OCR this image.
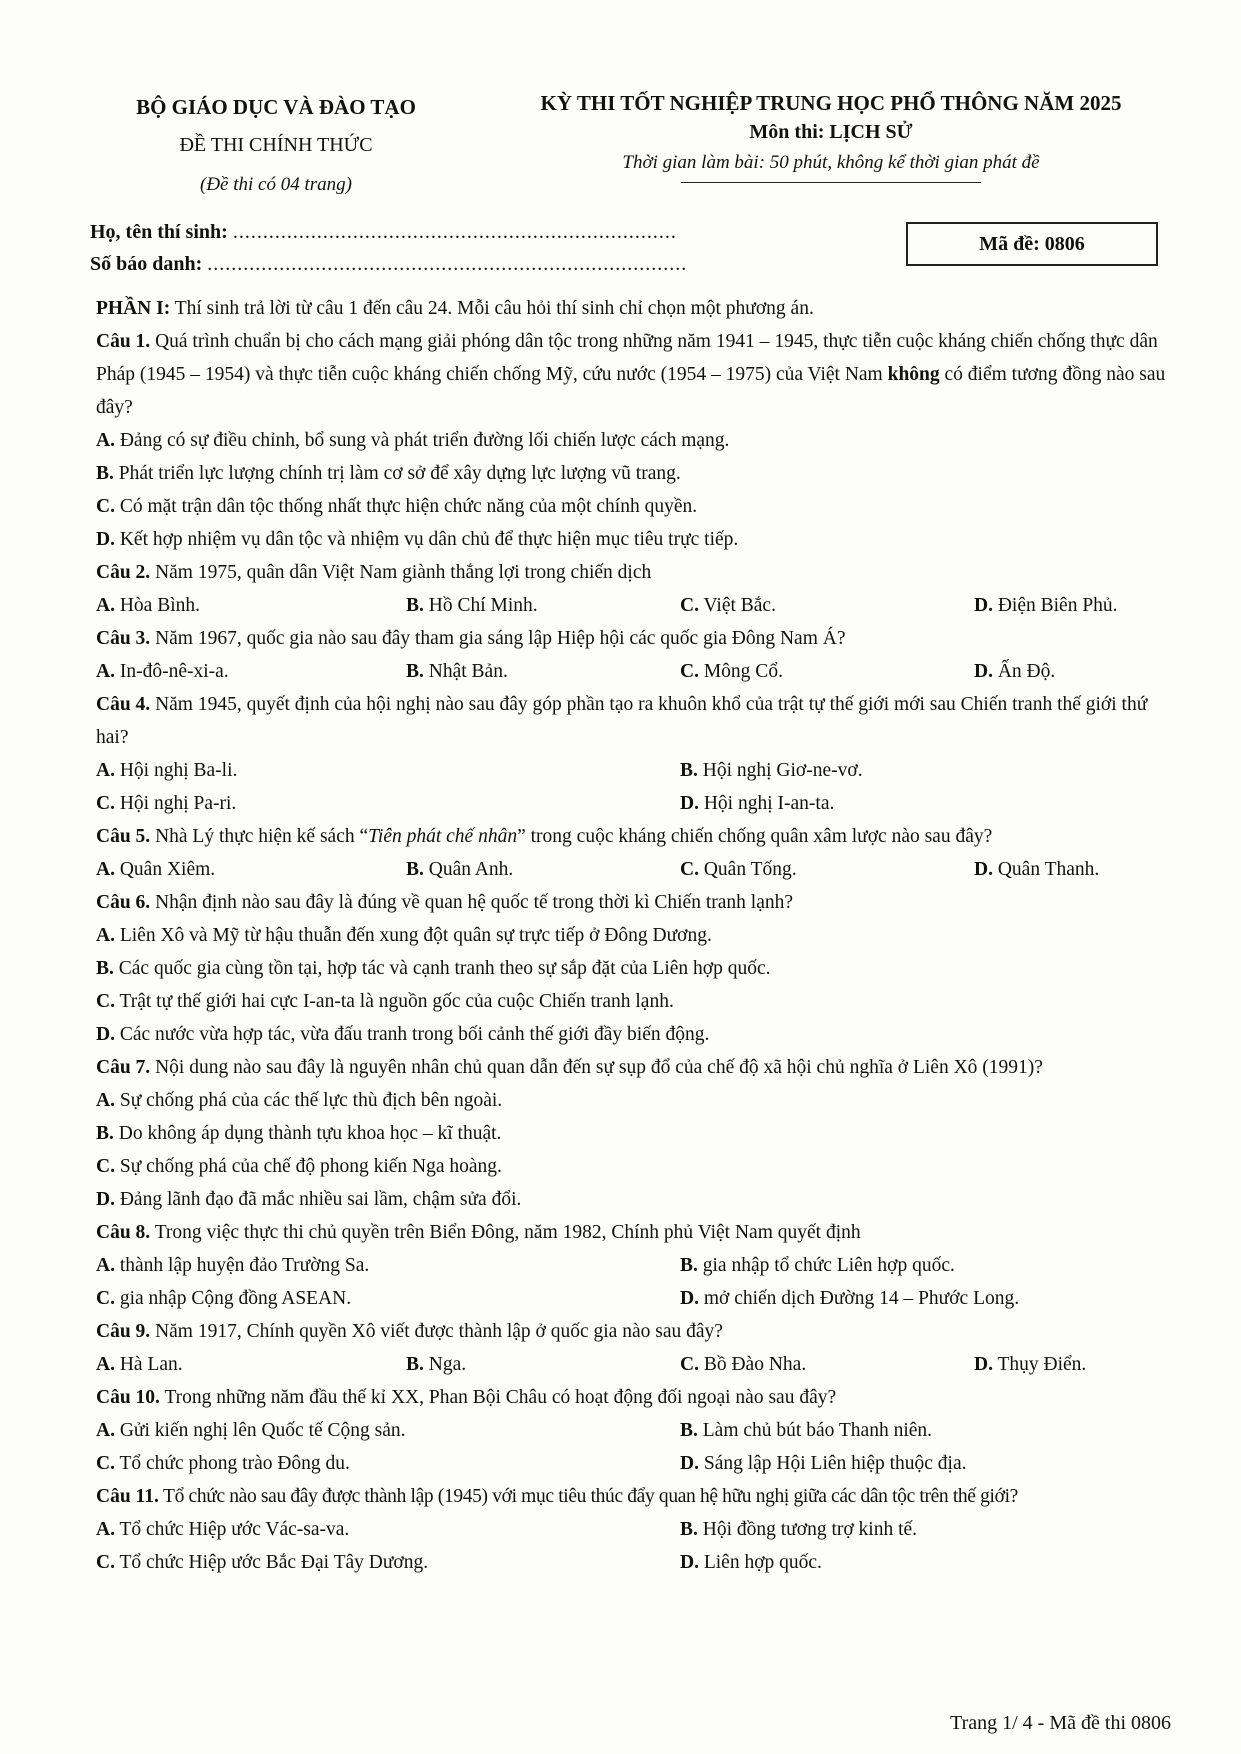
BỘ GIÁO DỤC VÀ ĐÀO TẠO
ĐỀ THI CHÍNH THỨC
(Đề thi có 04 trang)
KỲ THI TỐT NGHIỆP TRUNG HỌC PHỔ THÔNG NĂM 2025
Môn thi: LỊCH SỬ
Thời gian làm bài: 50 phút, không kể thời gian phát đề
Họ, tên thí sinh: ..........................................................................
Số báo danh: ................................................................................
Mã đề: 0806

PHẦN I: Thí sinh trả lời từ câu 1 đến câu 24. Mỗi câu hỏi thí sinh chỉ chọn một phương án.

Câu 1. Quá trình chuẩn bị cho cách mạng giải phóng dân tộc trong những năm 1941 – 1945, thực tiễn cuộc kháng chiến chống thực dân Pháp (1945 – 1954) và thực tiễn cuộc kháng chiến chống Mỹ, cứu nước (1954 – 1975) của Việt Nam không có điểm tương đồng nào sau đây?

A. Đảng có sự điều chỉnh, bổ sung và phát triển đường lối chiến lược cách mạng.

B. Phát triển lực lượng chính trị làm cơ sở để xây dựng lực lượng vũ trang.

C. Có mặt trận dân tộc thống nhất thực hiện chức năng của một chính quyền.

D. Kết hợp nhiệm vụ dân tộc và nhiệm vụ dân chủ để thực hiện mục tiêu trực tiếp.

Câu 2. Năm 1975, quân dân Việt Nam giành thắng lợi trong chiến dịch

A. Hòa Bình.	B. Hồ Chí Minh.	C. Việt Bắc.	D. Điện Biên Phủ.

Câu 3. Năm 1967, quốc gia nào sau đây tham gia sáng lập Hiệp hội các quốc gia Đông Nam Á?

A. In-đô-nê-xi-a.	B. Nhật Bản.	C. Mông Cổ.	D. Ấn Độ.

Câu 4. Năm 1945, quyết định của hội nghị nào sau đây góp phần tạo ra khuôn khổ của trật tự thế giới mới sau Chiến tranh thế giới thứ hai?

A. Hội nghị Ba-li.	B. Hội nghị Giơ-ne-vơ.
C. Hội nghị Pa-ri.	D. Hội nghị I-an-ta.

Câu 5. Nhà Lý thực hiện kế sách “Tiên phát chế nhân” trong cuộc kháng chiến chống quân xâm lược nào sau đây?

A. Quân Xiêm.	B. Quân Anh.	C. Quân Tống.	D. Quân Thanh.

Câu 6. Nhận định nào sau đây là đúng về quan hệ quốc tế trong thời kì Chiến tranh lạnh?

A. Liên Xô và Mỹ từ hậu thuẫn đến xung đột quân sự trực tiếp ở Đông Dương.

B. Các quốc gia cùng tồn tại, hợp tác và cạnh tranh theo sự sắp đặt của Liên hợp quốc.

C. Trật tự thế giới hai cực I-an-ta là nguồn gốc của cuộc Chiến tranh lạnh.

D. Các nước vừa hợp tác, vừa đấu tranh trong bối cảnh thế giới đầy biến động.

Câu 7. Nội dung nào sau đây là nguyên nhân chủ quan dẫn đến sự sụp đổ của chế độ xã hội chủ nghĩa ở Liên Xô (1991)?

A. Sự chống phá của các thế lực thù địch bên ngoài.

B. Do không áp dụng thành tựu khoa học – kĩ thuật.

C. Sự chống phá của chế độ phong kiến Nga hoàng.

D. Đảng lãnh đạo đã mắc nhiều sai lầm, chậm sửa đổi.

Câu 8. Trong việc thực thi chủ quyền trên Biển Đông, năm 1982, Chính phủ Việt Nam quyết định

A. thành lập huyện đảo Trường Sa.	B. gia nhập tổ chức Liên hợp quốc.
C. gia nhập Cộng đồng ASEAN.	D. mở chiến dịch Đường 14 – Phước Long.

Câu 9. Năm 1917, Chính quyền Xô viết được thành lập ở quốc gia nào sau đây?

A. Hà Lan.	B. Nga.	C. Bồ Đào Nha.	D. Thụy Điển.

Câu 10. Trong những năm đầu thế kỉ XX, Phan Bội Châu có hoạt động đối ngoại nào sau đây?

A. Gửi kiến nghị lên Quốc tế Cộng sản.	B. Làm chủ bút báo Thanh niên.
C. Tổ chức phong trào Đông du.	D. Sáng lập Hội Liên hiệp thuộc địa.

Câu 11. Tổ chức nào sau đây được thành lập (1945) với mục tiêu thúc đẩy quan hệ hữu nghị giữa các dân tộc trên thế giới?

A. Tổ chức Hiệp ước Vác-sa-va.	B. Hội đồng tương trợ kinh tế.
C. Tổ chức Hiệp ước Bắc Đại Tây Dương.	D. Liên hợp quốc.
Trang 1/ 4 - Mã đề thi 0806
